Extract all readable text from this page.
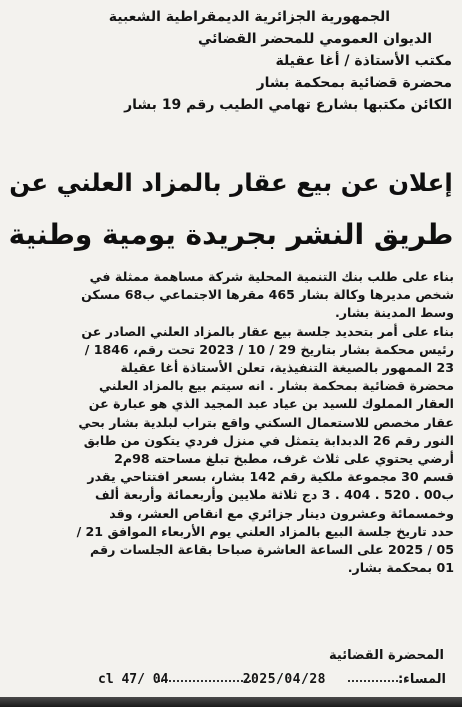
الجمهورية الجزائرية الديمقراطية الشعبية
الديوان العمومي للمحضر القضائي
مكتب الأستاذة / أغا عقيلة
محضرة قضائية بمحكمة بشار
الكائن مكتبها بشارع تهامي الطيب رقم 19 بشار
إعلان عن بيع عقار بالمزاد العلني عن
طريق النشر بجريدة يومية وطنية
بناء على طلب بنك التنمية المحلية شركة مساهمة ممثلة في
شخص مديرها وكالة بشار 465 مقرها الاجتماعي ب68 مسكن
وسط المدينة بشار.
بناء على أمر بتحديد جلسة بيع عقار بالمزاد العلني الصادر عن
رئيس محكمة بشار بتاريخ 29 / 10 / 2023 تحت رقم، 1846 /
23 الممهور بالصيغة التنفيذية، تعلن الأستاذة أغا عقيلة
محضرة قضائية بمحكمة بشار . انه سيتم بيع بالمزاد العلني
العقار المملوك للسيد بن عياد عبد المجيد الذي هو عبارة عن
عقار مخصص للاستعمال السكني واقع بتراب لبلدية بشار بحي
النور رقم 26 الدبدابة يتمثل في منزل فردي يتكون من طابق
أرضي يحتوي على ثلاث غرف، مطبخ تبلغ مساحته 98م2
قسم 30 مجموعة ملكية رقم 142 بشار، بسعر افتتاحي يقدر
ب00 . 520 . 404 . 3 دج ثلاثة ملايين وأربعمائة وأربعة ألف
وخمسمائة وعشرون دينار جزائري مع انقاص العشر، وقد
حدد تاريخ جلسة البيع بالمزاد العلني يوم الأربعاء الموافق 21 /
05 / 2025 على الساعة العاشرة صباحا بقاعة الجلسات رقم
01 بمحكمة بشار.
المحضرة القضائية
المساء:
2025/04/28
cl 47/ 04
